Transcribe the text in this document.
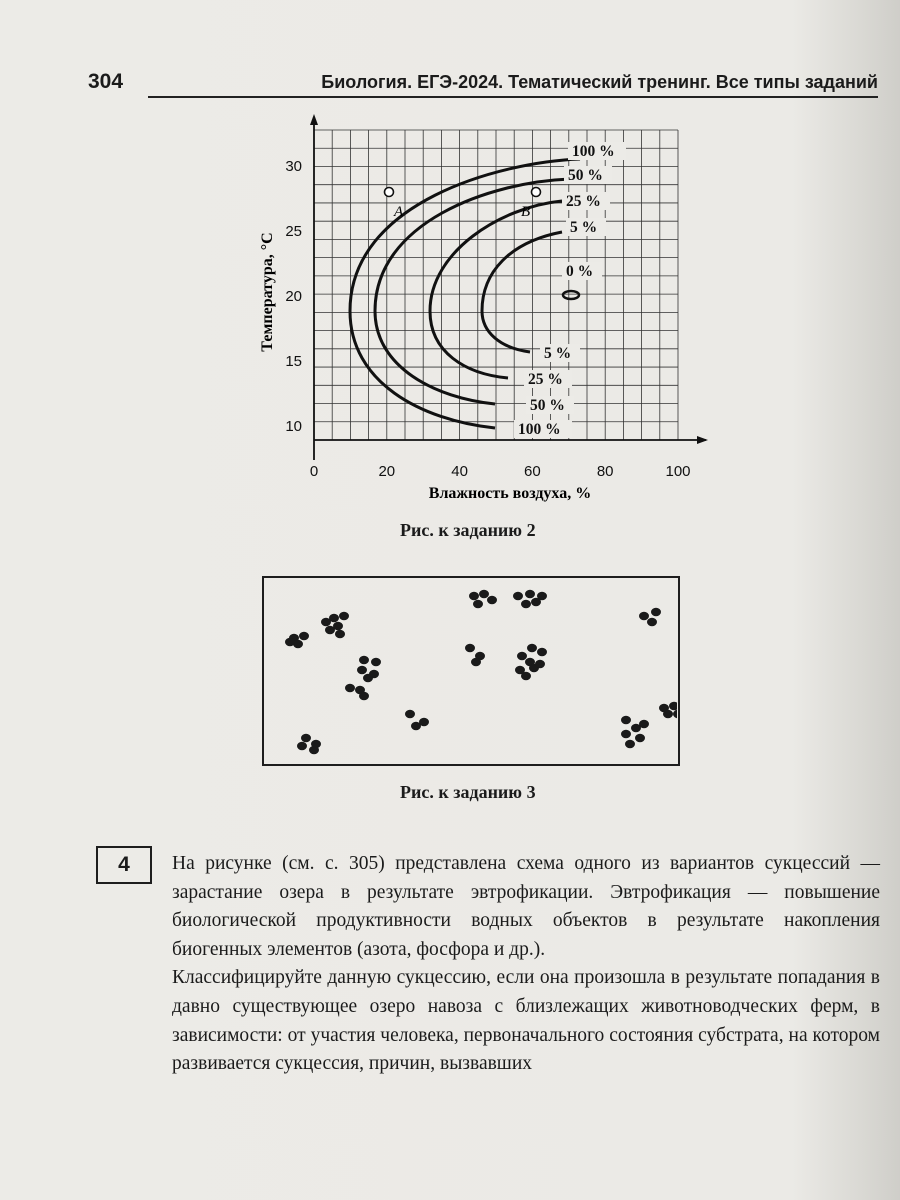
304	Биология. ЕГЭ-2024. Тематический тренинг. Все типы заданий
A	B
100 %
50 %
25 %
5 %
0 %
5 %
25 %
50 %
100 %
0	20	40	60	80	100
10
15
20
25
30
Влажность воздуха, %
Температура, °С
Рис. к заданию 2
Рис. к заданию 3
4 На рисунке (см. с. 305) представлена схема одного из вариантов сукцессий — зарастание озера в результате эвтрофикации. Эвтрофикация — повышение биологической продуктивности водных объектов в результате накопления биогенных элементов (азота, фосфора и др.).

Классифицируйте данную сукцессию, если она произошла в результате попадания в давно существующее озеро навоза с близлежащих животноводческих ферм, в зависимости: от участия человека, первоначального состояния субстрата, на котором развивается сукцессия, причин, вызвавших
